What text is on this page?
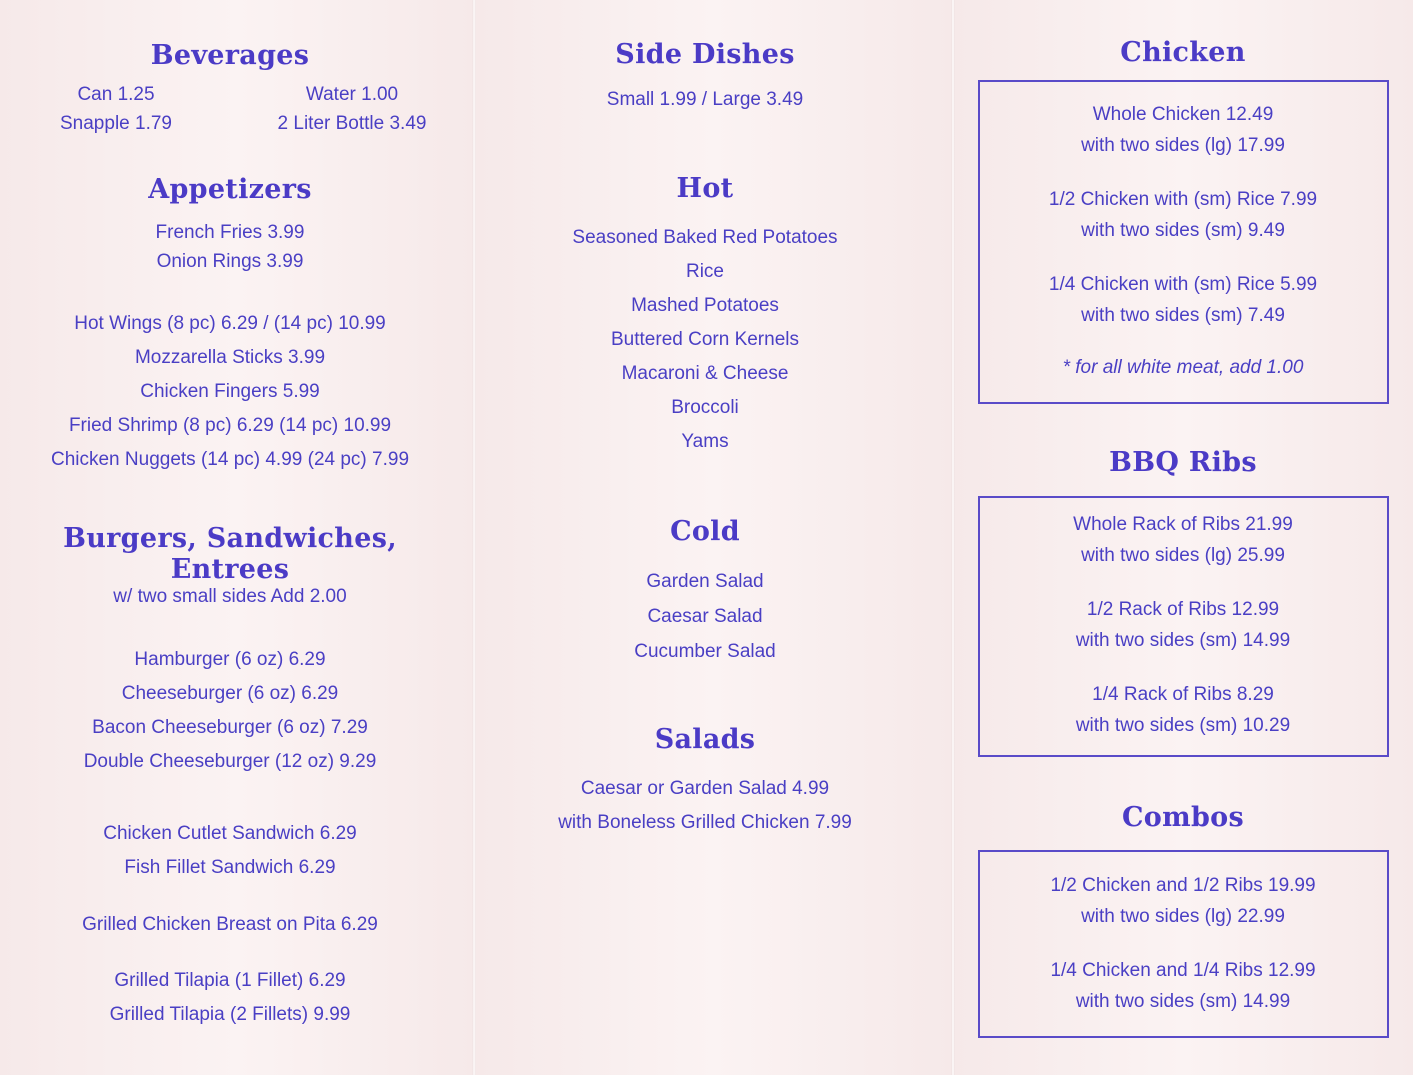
Beverages
Can 1.25	Water 1.00
Snapple 1.79	2 Liter Bottle 3.49
Appetizers
French Fries 3.99
Onion Rings 3.99
Hot Wings (8 pc) 6.29 / (14 pc) 10.99
Mozzarella Sticks 3.99
Chicken Fingers 5.99
Fried Shrimp (8 pc) 6.29 (14 pc) 10.99
Chicken Nuggets (14 pc) 4.99 (24 pc) 7.99
Burgers, Sandwiches, Entrees
w/ two small sides Add 2.00
Hamburger (6 oz) 6.29
Cheeseburger (6 oz) 6.29
Bacon Cheeseburger (6 oz) 7.29
Double Cheeseburger (12 oz) 9.29
Chicken Cutlet Sandwich 6.29
Fish Fillet Sandwich 6.29
Grilled Chicken Breast on Pita 6.29
Grilled Tilapia (1 Fillet) 6.29
Grilled Tilapia (2 Fillets) 9.99
Side Dishes
Small 1.99 / Large 3.49
Hot
Seasoned Baked Red Potatoes
Rice
Mashed Potatoes
Buttered Corn Kernels
Macaroni & Cheese
Broccoli
Yams
Cold
Garden Salad
Caesar Salad
Cucumber Salad
Salads
Caesar or Garden Salad 4.99
with Boneless Grilled Chicken 7.99
Chicken
Whole Chicken 12.49
with two sides (lg) 17.99
1/2 Chicken with (sm) Rice 7.99
with two sides (sm) 9.49
1/4 Chicken with (sm) Rice 5.99
with two sides (sm) 7.49
* for all white meat, add 1.00
BBQ Ribs
Whole Rack of Ribs 21.99
with two sides (lg) 25.99
1/2 Rack of Ribs 12.99
with two sides (sm) 14.99
1/4 Rack of Ribs 8.29
with two sides (sm) 10.29
Combos
1/2 Chicken and 1/2 Ribs 19.99
with two sides (lg) 22.99
1/4 Chicken and 1/4 Ribs 12.99
with two sides (sm) 14.99
